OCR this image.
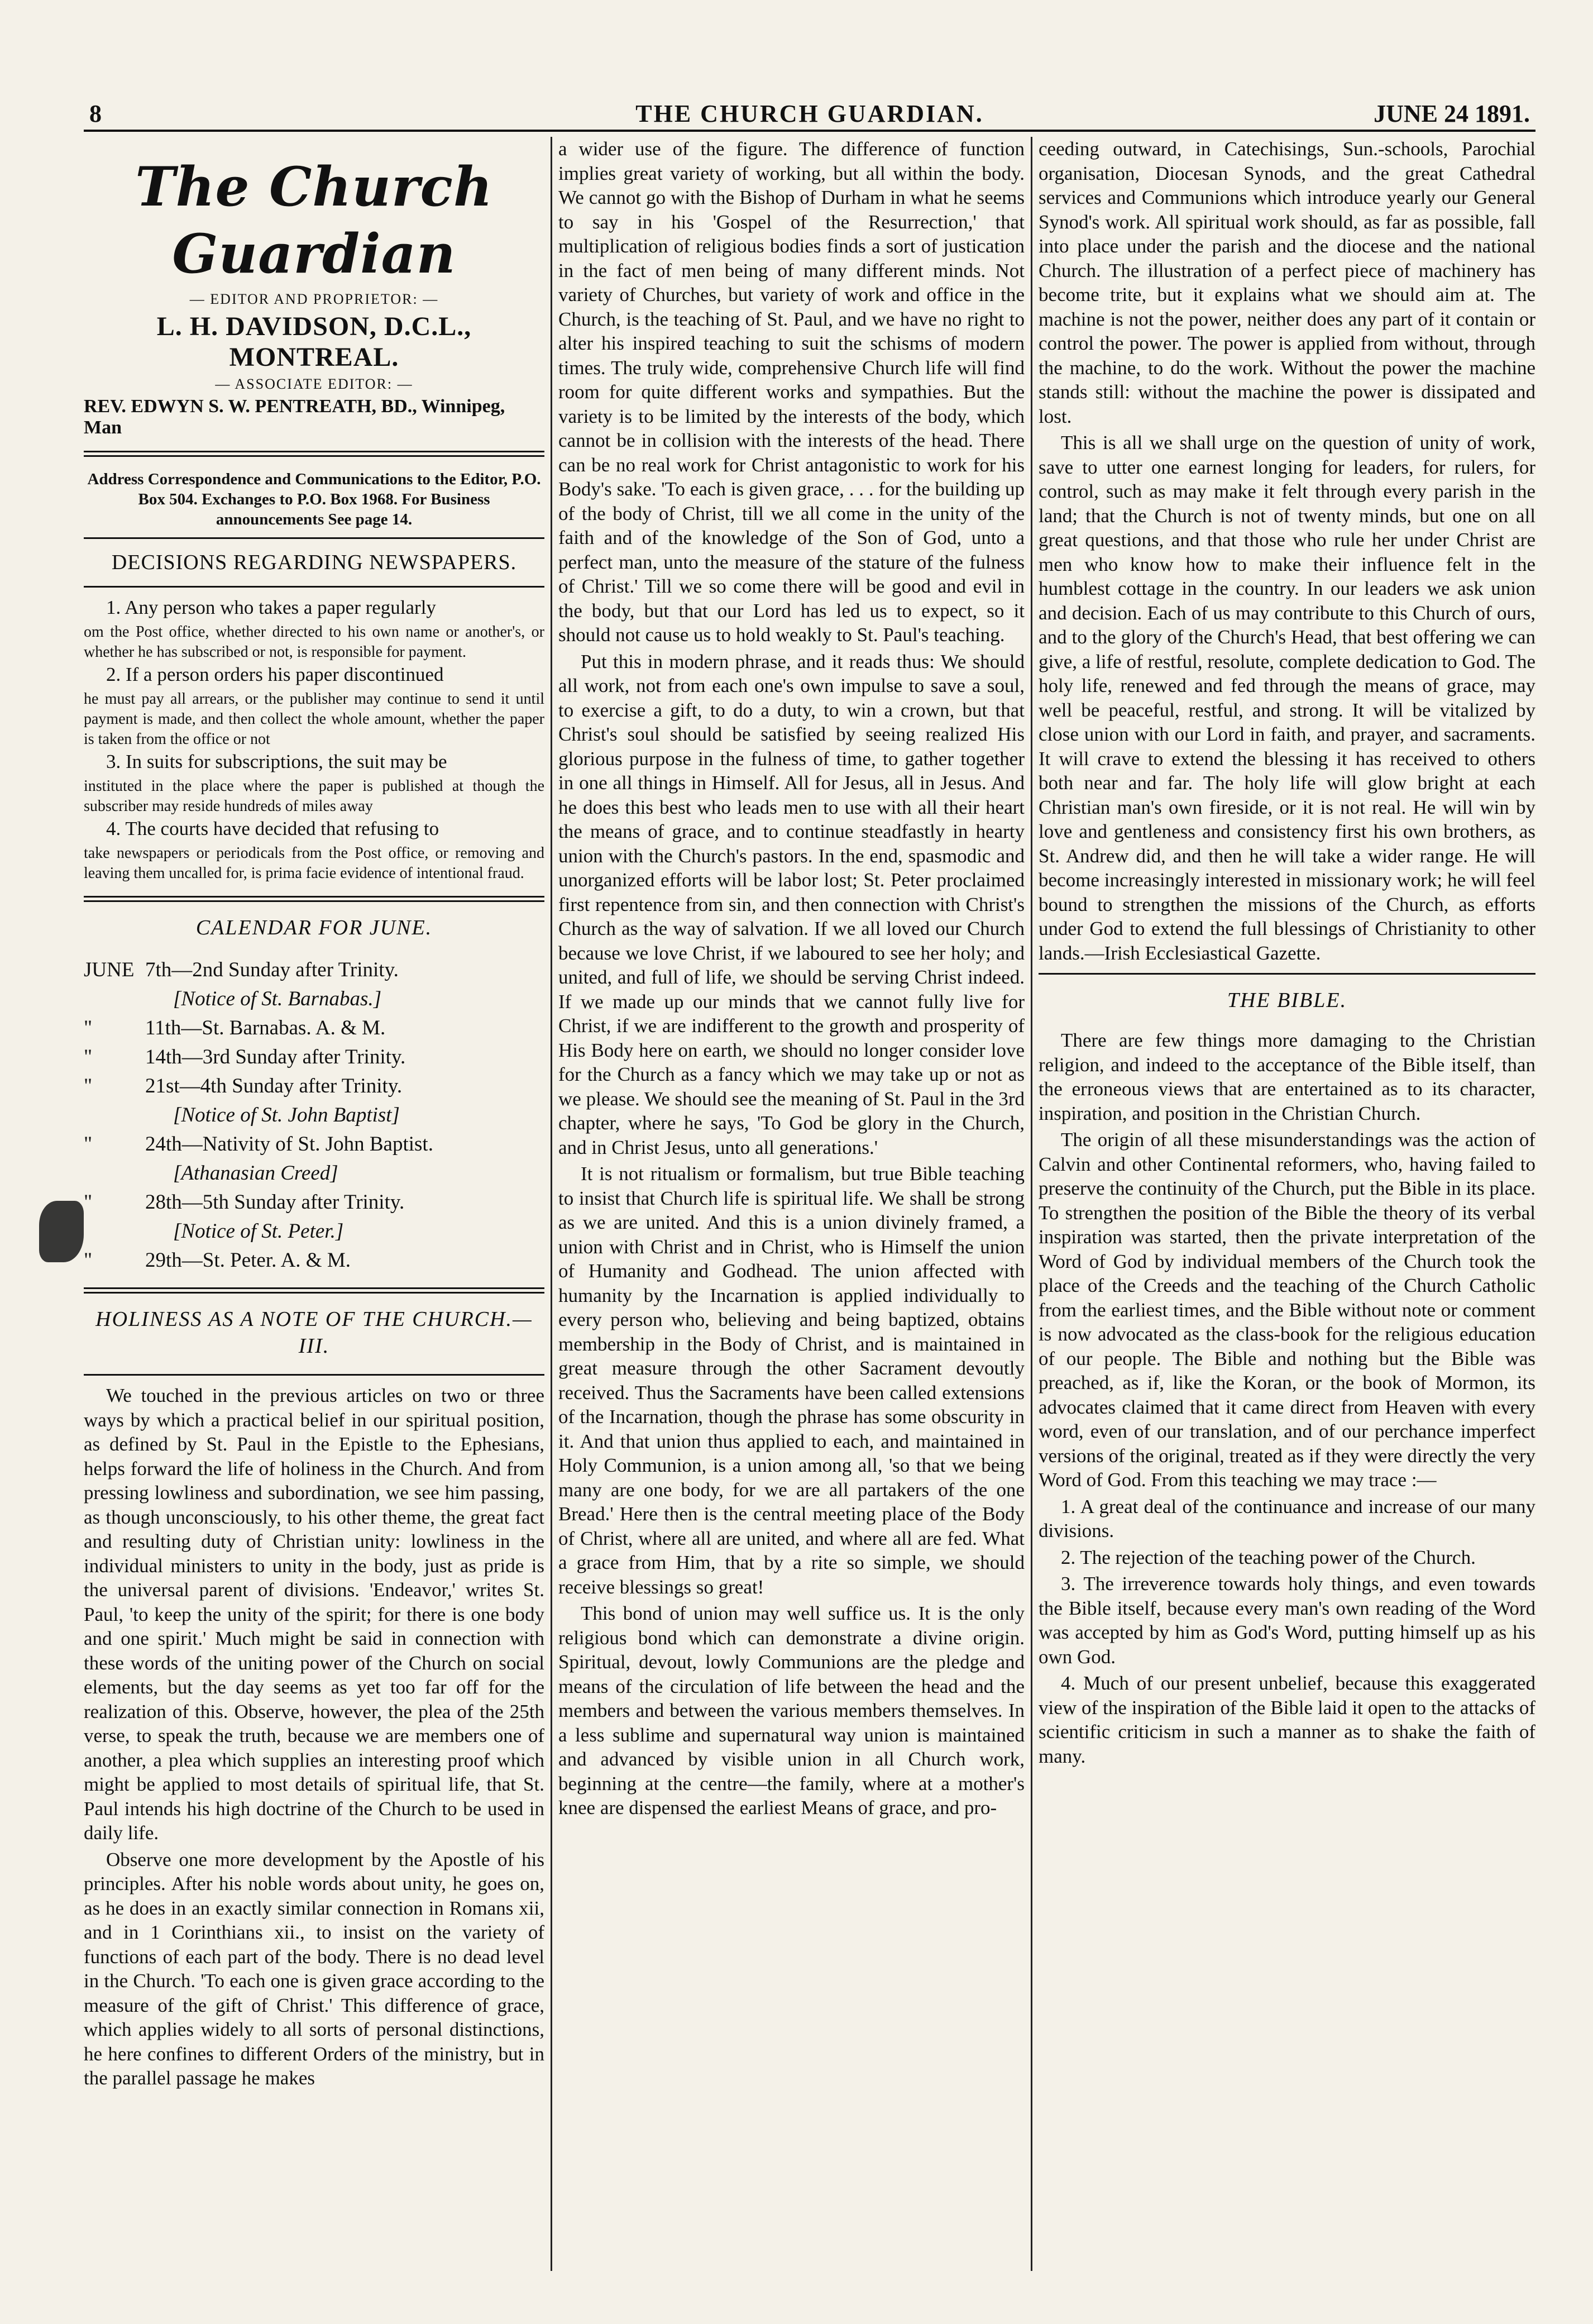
8	THE CHURCH GUARDIAN.	JUNE 24 1891.
The Church Guardian
— EDITOR AND PROPRIETOR: —
L. H. DAVIDSON, D.C.L., MONTREAL.
— ASSOCIATE EDITOR: —
REV. EDWYN S. W. PENTREATH, BD., Winnipeg, Man
Address Correspondence and Communications to the Editor, P.O. Box 504. Exchanges to P.O. Box 1968. For Business announcements See page 14.
DECISIONS REGARDING NEWSPAPERS.
1. Any person who takes a paper regularly
om the Post office, whether directed to his own name or another's, or whether he has subscribed or not, is responsible for payment.
2. If a person orders his paper discontinued
he must pay all arrears, or the publisher may continue to send it until payment is made, and then collect the whole amount, whether the paper is taken from the office or not
3. In suits for subscriptions, the suit may be
instituted in the place where the paper is published at though the subscriber may reside hundreds of miles away
4. The courts have decided that refusing to
take newspapers or periodicals from the Post office, or removing and leaving them uncalled for, is prima facie evidence of intentional fraud.
CALENDAR FOR JUNE.
JUNE 7th—2nd Sunday after Trinity.
[Notice of St. Barnabas.]
"	11th—St. Barnabas. A. & M.
"	14th—3rd Sunday after Trinity.
"	21st—4th Sunday after Trinity.
[Notice of St. John Baptist]
"	24th—Nativity of St. John Baptist.
[Athanasian Creed]
"	28th—5th Sunday after Trinity.
[Notice of St. Peter.]
"	29th—St. Peter. A. & M.
HOLINESS AS A NOTE OF THE CHURCH.—III.

We touched in the previous articles on two or three ways by which a practical belief in our spiritual position, as defined by St. Paul in the Epistle to the Ephesians, helps forward the life of holiness in the Church. And from pressing lowliness and subordination, we see him passing, as though unconsciously, to his other theme, the great fact and resulting duty of Christian unity: lowliness in the individual ministers to unity in the body, just as pride is the universal parent of divisions. 'Endeavor,' writes St. Paul, 'to keep the unity of the spirit; for there is one body and one spirit.' Much might be said in connection with these words of the uniting power of the Church on social elements, but the day seems as yet too far off for the realization of this. Observe, however, the plea of the 25th verse, to speak the truth, because we are members one of another, a plea which supplies an interesting proof which might be applied to most details of spiritual life, that St. Paul intends his high doctrine of the Church to be used in daily life.

Observe one more development by the Apostle of his principles. After his noble words about unity, he goes on, as he does in an exactly similar connection in Romans xii, and in 1 Corinthians xii., to insist on the variety of functions of each part of the body. There is no dead level in the Church. 'To each one is given grace according to the measure of the gift of Christ.' This difference of grace, which applies widely to all sorts of personal distinctions, he here confines to different Orders of the ministry, but in the parallel passage he makes

a wider use of the figure. The difference of function implies great variety of working, but all within the body. We cannot go with the Bishop of Durham in what he seems to say in his 'Gospel of the Resurrection,' that multiplication of religious bodies finds a sort of justication in the fact of men being of many different minds. Not variety of Churches, but variety of work and office in the Church, is the teaching of St. Paul, and we have no right to alter his inspired teaching to suit the schisms of modern times. The truly wide, comprehensive Church life will find room for quite different works and sympathies. But the variety is to be limited by the interests of the body, which cannot be in collision with the interests of the head. There can be no real work for Christ antagonistic to work for his Body's sake. 'To each is given grace, . . . for the building up of the body of Christ, till we all come in the unity of the faith and of the knowledge of the Son of God, unto a perfect man, unto the measure of the stature of the fulness of Christ.' Till we so come there will be good and evil in the body, but that our Lord has led us to expect, so it should not cause us to hold weakly to St. Paul's teaching.

Put this in modern phrase, and it reads thus: We should all work, not from each one's own impulse to save a soul, to exercise a gift, to do a duty, to win a crown, but that Christ's soul should be satisfied by seeing realized His glorious purpose in the fulness of time, to gather together in one all things in Himself. All for Jesus, all in Jesus. And he does this best who leads men to use with all their heart the means of grace, and to continue steadfastly in hearty union with the Church's pastors. In the end, spasmodic and unorganized efforts will be labor lost; St. Peter proclaimed first repentence from sin, and then connection with Christ's Church as the way of salvation. If we all loved our Church because we love Christ, if we laboured to see her holy; and united, and full of life, we should be serving Christ indeed. If we made up our minds that we cannot fully live for Christ, if we are indifferent to the growth and prosperity of His Body here on earth, we should no longer consider love for the Church as a fancy which we may take up or not as we please. We should see the meaning of St. Paul in the 3rd chapter, where he says, 'To God be glory in the Church, and in Christ Jesus, unto all generations.'

It is not ritualism or formalism, but true Bible teaching to insist that Church life is spiritual life. We shall be strong as we are united. And this is a union divinely framed, a union with Christ and in Christ, who is Himself the union of Humanity and Godhead. The union affected with humanity by the Incarnation is applied individually to every person who, believing and being baptized, obtains membership in the Body of Christ, and is maintained in great measure through the other Sacrament devoutly received. Thus the Sacraments have been called extensions of the Incarnation, though the phrase has some obscurity in it. And that union thus applied to each, and maintained in Holy Communion, is a union among all, 'so that we being many are one body, for we are all partakers of the one Bread.' Here then is the central meeting place of the Body of Christ, where all are united, and where all are fed. What a grace from Him, that by a rite so simple, we should receive blessings so great!

This bond of union may well suffice us. It is the only religious bond which can demonstrate a divine origin. Spiritual, devout, lowly Communions are the pledge and means of the circulation of life between the head and the members and between the various members themselves. In a less sublime and supernatural way union is maintained and advanced by visible union in all Church work, beginning at the centre—the family, where at a mother's knee are dispensed the earliest Means of grace, and pro-

ceeding outward, in Catechisings, Sun.-schools, Parochial organisation, Diocesan Synods, and the great Cathedral services and Communions which introduce yearly our General Synod's work. All spiritual work should, as far as possible, fall into place under the parish and the diocese and the national Church. The illustration of a perfect piece of machinery has become trite, but it explains what we should aim at. The machine is not the power, neither does any part of it contain or control the power. The power is applied from without, through the machine, to do the work. Without the power the machine stands still: without the machine the power is dissipated and lost.

This is all we shall urge on the question of unity of work, save to utter one earnest longing for leaders, for rulers, for control, such as may make it felt through every parish in the land; that the Church is not of twenty minds, but one on all great questions, and that those who rule her under Christ are men who know how to make their influence felt in the humblest cottage in the country. In our leaders we ask union and decision. Each of us may contribute to this Church of ours, and to the glory of the Church's Head, that best offering we can give, a life of restful, resolute, complete dedication to God. The holy life, renewed and fed through the means of grace, may well be peaceful, restful, and strong. It will be vitalized by close union with our Lord in faith, and prayer, and sacraments. It will crave to extend the blessing it has received to others both near and far. The holy life will glow bright at each Christian man's own fireside, or it is not real. He will win by love and gentleness and consistency first his own brothers, as St. Andrew did, and then he will take a wider range. He will become increasingly interested in missionary work; he will feel bound to strengthen the missions of the Church, as efforts under God to extend the full blessings of Christianity to other lands.—Irish Ecclesiastical Gazette.

THE BIBLE.

There are few things more damaging to the Christian religion, and indeed to the acceptance of the Bible itself, than the erroneous views that are entertained as to its character, inspiration, and position in the Christian Church.

The origin of all these misunderstandings was the action of Calvin and other Continental reformers, who, having failed to preserve the continuity of the Church, put the Bible in its place. To strengthen the position of the Bible the theory of its verbal inspiration was started, then the private interpretation of the Word of God by individual members of the Church took the place of the Creeds and the teaching of the Church Catholic from the earliest times, and the Bible without note or comment is now advocated as the class-book for the religious education of our people. The Bible and nothing but the Bible was preached, as if, like the Koran, or the book of Mormon, its advocates claimed that it came direct from Heaven with every word, even of our translation, and of our perchance imperfect versions of the original, treated as if they were directly the very Word of God. From this teaching we may trace :—

1. A great deal of the continuance and increase of our many divisions.

2. The rejection of the teaching power of the Church.

3. The irreverence towards holy things, and even towards the Bible itself, because every man's own reading of the Word was accepted by him as God's Word, putting himself up as his own God.

4. Much of our present unbelief, because this exaggerated view of the inspiration of the Bible laid it open to the attacks of scientific criticism in such a manner as to shake the faith of many.
